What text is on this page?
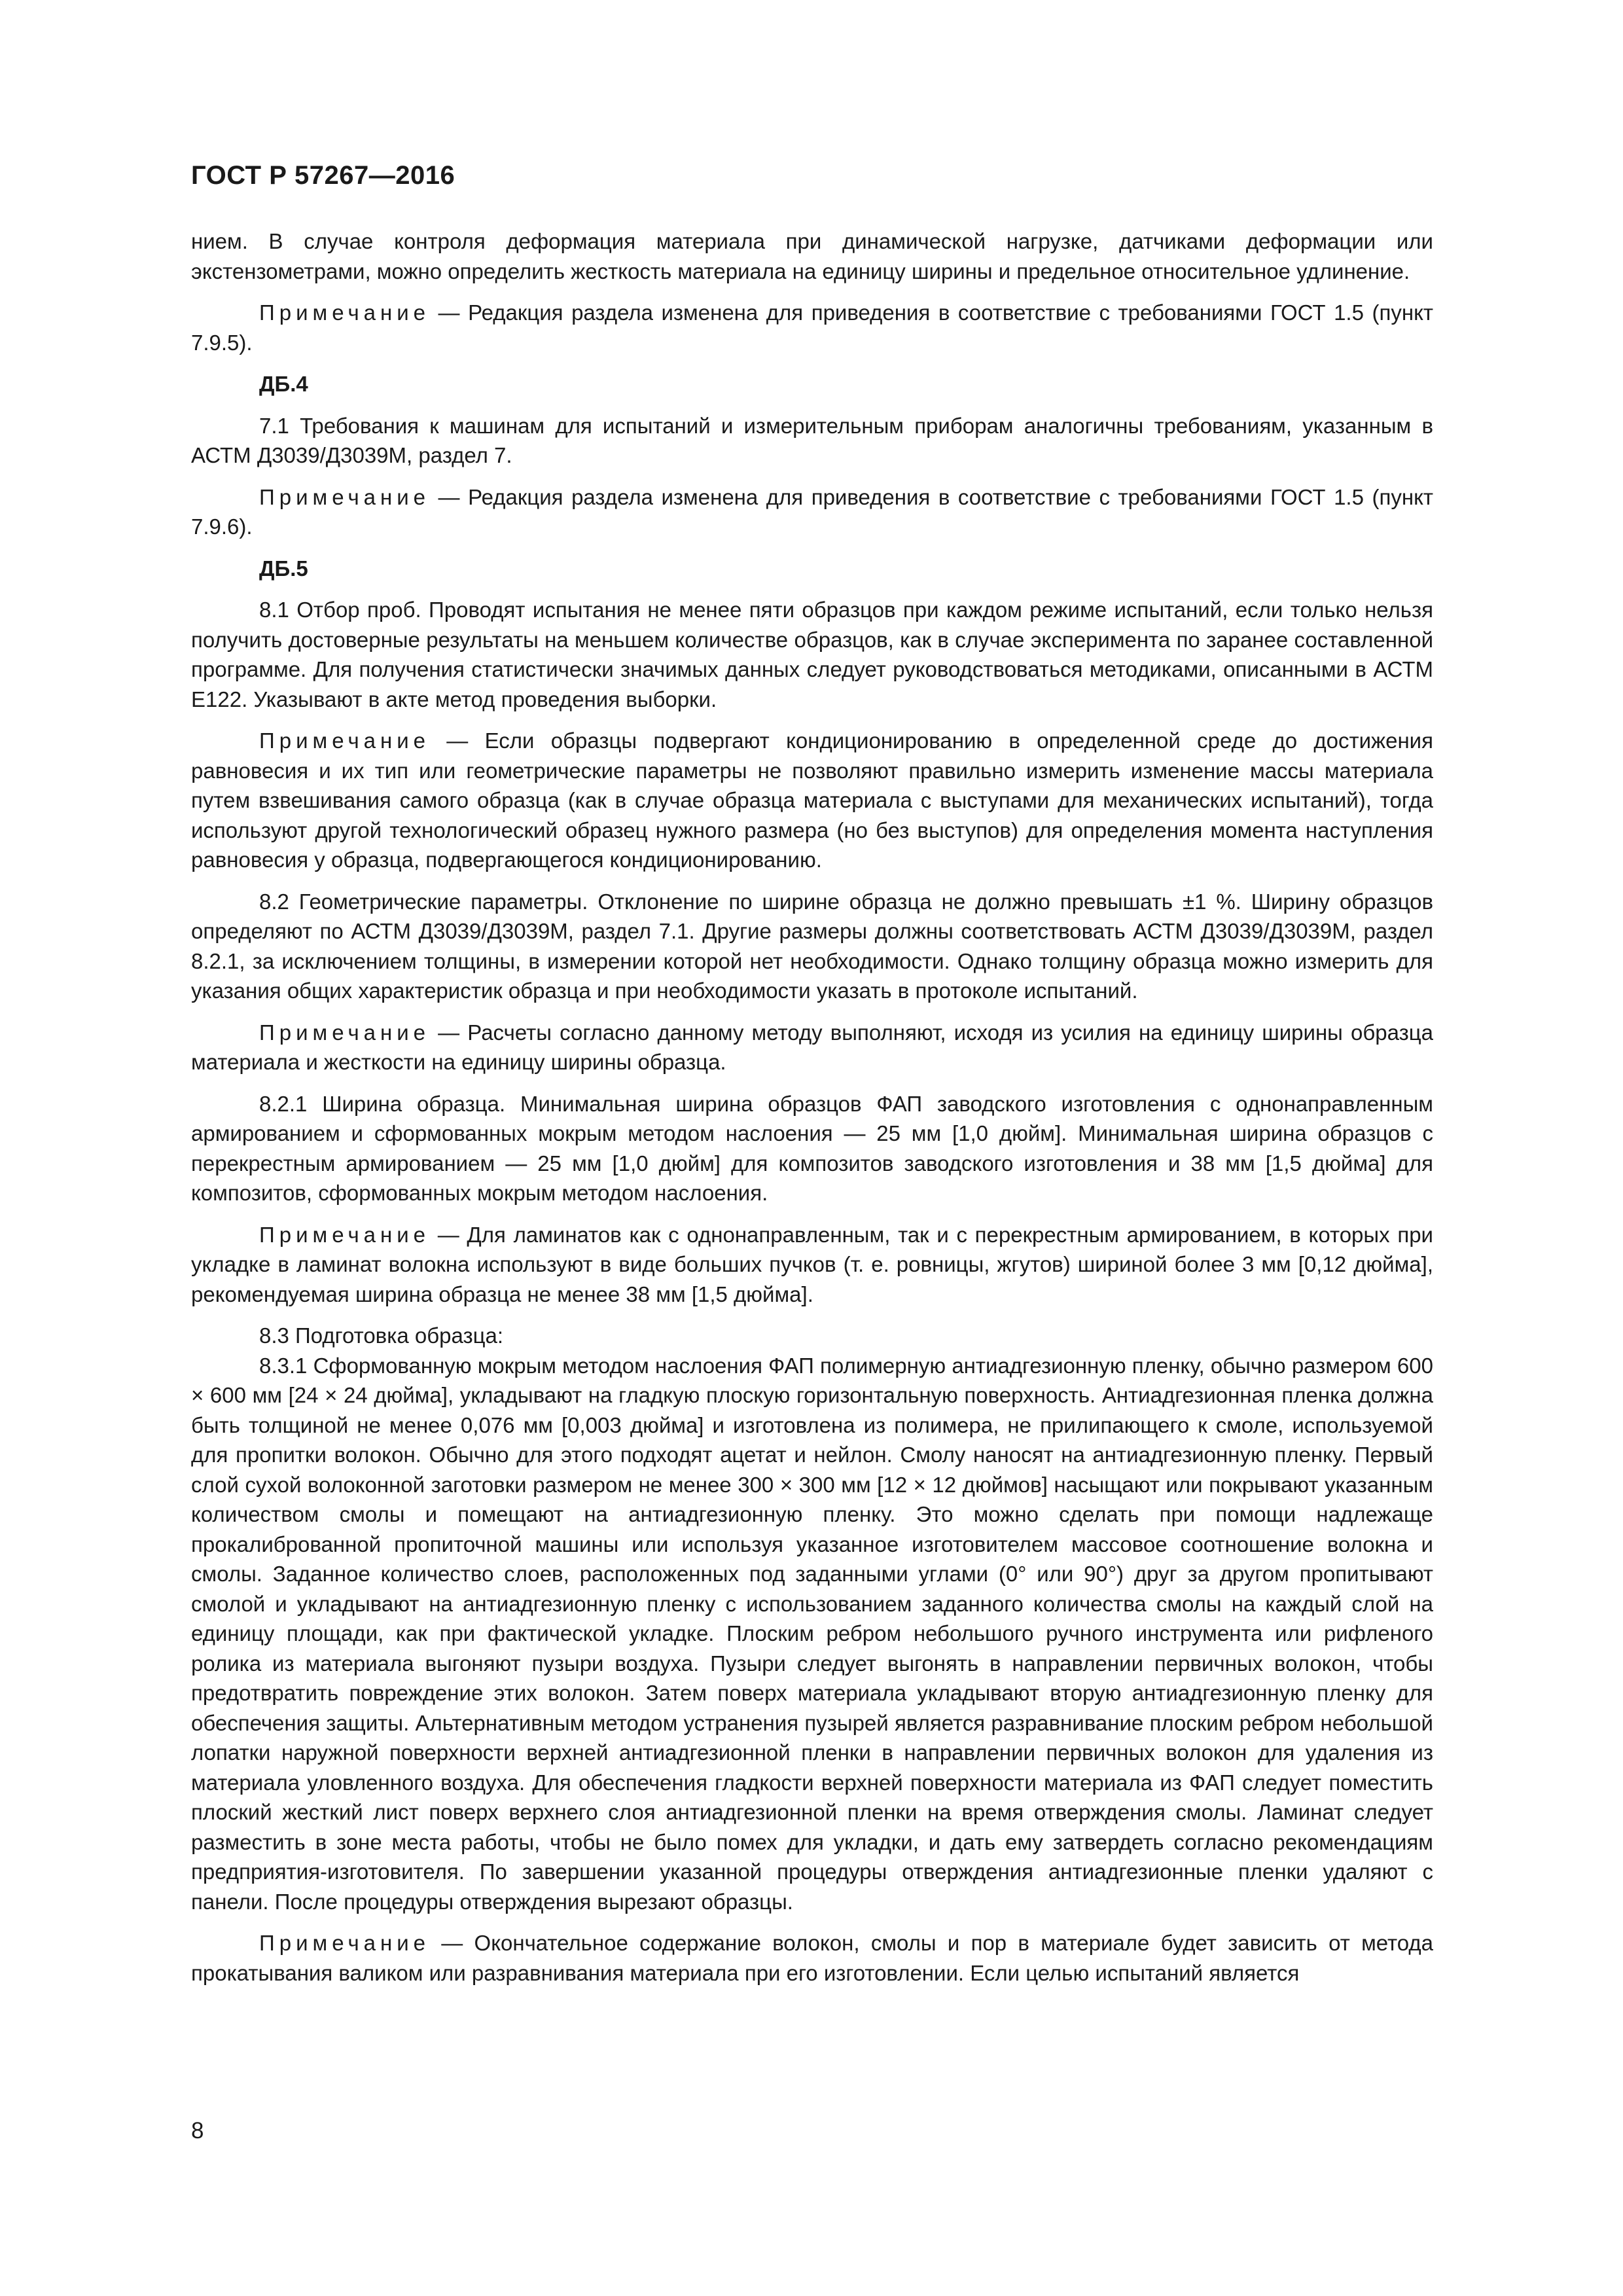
ГОСТ Р 57267—2016

нием. В случае контроля деформация материала при динамической нагрузке, датчиками деформации или экстензометрами, можно определить жесткость материала на единицу ширины и предельное относительное удлинение.

Примечание — Редакция раздела изменена для приведения в соответствие с требованиями ГОСТ 1.5 (пункт 7.9.5).

ДБ.4

7.1 Требования к машинам для испытаний и измерительным приборам аналогичны требованиям, указанным в АСТМ Д3039/Д3039М, раздел 7.

Примечание — Редакция раздела изменена для приведения в соответствие с требованиями ГОСТ 1.5 (пункт 7.9.6).

ДБ.5

8.1 Отбор проб. Проводят испытания не менее пяти образцов при каждом режиме испытаний, если только нельзя получить достоверные результаты на меньшем количестве образцов, как в случае эксперимента по заранее составленной программе. Для получения статистически значимых данных следует руководствоваться методиками, описанными в АСТМ Е122. Указывают в акте метод проведения выборки.

Примечание — Если образцы подвергают кондиционированию в определенной среде до достижения равновесия и их тип или геометрические параметры не позволяют правильно измерить изменение массы материала путем взвешивания самого образца (как в случае образца материала с выступами для механических испытаний), тогда используют другой технологический образец нужного размера (но без выступов) для определения момента наступления равновесия у образца, подвергающегося кондиционированию.

8.2 Геометрические параметры. Отклонение по ширине образца не должно превышать ±1 %. Ширину образцов определяют по АСТМ Д3039/Д3039М, раздел 7.1. Другие размеры должны соответствовать АСТМ Д3039/Д3039М, раздел 8.2.1, за исключением толщины, в измерении которой нет необходимости. Однако толщину образца можно измерить для указания общих характеристик образца и при необходимости указать в протоколе испытаний.

Примечание — Расчеты согласно данному методу выполняют, исходя из усилия на единицу ширины образца материала и жесткости на единицу ширины образца.

8.2.1 Ширина образца. Минимальная ширина образцов ФАП заводского изготовления с однонаправленным армированием и сформованных мокрым методом наслоения — 25 мм [1,0 дюйм]. Минимальная ширина образцов с перекрестным армированием — 25 мм [1,0 дюйм] для композитов заводского изготовления и 38 мм [1,5 дюйма] для композитов, сформованных мокрым методом наслоения.

Примечание — Для ламинатов как с однонаправленным, так и с перекрестным армированием, в которых при укладке в ламинат волокна используют в виде больших пучков (т. е. ровницы, жгутов) шириной более 3 мм [0,12 дюйма], рекомендуемая ширина образца не менее 38 мм [1,5 дюйма].

8.3 Подготовка образца:

8.3.1 Сформованную мокрым методом наслоения ФАП полимерную антиадгезионную пленку, обычно размером 600 × 600 мм [24 × 24 дюйма], укладывают на гладкую плоскую горизонтальную поверхность. Антиадгезионная пленка должна быть толщиной не менее 0,076 мм [0,003 дюйма] и изготовлена из полимера, не прилипающего к смоле, используемой для пропитки волокон. Обычно для этого подходят ацетат и нейлон. Смолу наносят на антиадгезионную пленку. Первый слой сухой волоконной заготовки размером не менее 300 × 300 мм [12 × 12 дюймов] насыщают или покрывают указанным количеством смолы и помещают на антиадгезионную пленку. Это можно сделать при помощи надлежаще прокалиброванной пропиточной машины или используя указанное изготовителем массовое соотношение волокна и смолы. Заданное количество слоев, расположенных под заданными углами (0° или 90°) друг за другом пропитывают смолой и укладывают на антиадгезионную пленку с использованием заданного количества смолы на каждый слой на единицу площади, как при фактической укладке. Плоским ребром небольшого ручного инструмента или рифленого ролика из материала выгоняют пузыри воздуха. Пузыри следует выгонять в направлении первичных волокон, чтобы предотвратить повреждение этих волокон. Затем поверх материала укладывают вторую антиадгезионную пленку для обеспечения защиты. Альтернативным методом устранения пузырей является разравнивание плоским ребром небольшой лопатки наружной поверхности верхней антиадгезионной пленки в направлении первичных волокон для удаления из материала уловленного воздуха. Для обеспечения гладкости верхней поверхности материала из ФАП следует поместить плоский жесткий лист поверх верхнего слоя антиадгезионной пленки на время отверждения смолы. Ламинат следует разместить в зоне места работы, чтобы не было помех для укладки, и дать ему затвердеть согласно рекомендациям предприятия-изготовителя. По завершении указанной процедуры отверждения антиадгезионные пленки удаляют с панели. После процедуры отверждения вырезают образцы.

Примечание — Окончательное содержание волокон, смолы и пор в материале будет зависить от метода прокатывания валиком или разравнивания материала при его изготовлении. Если целью испытаний является

8
